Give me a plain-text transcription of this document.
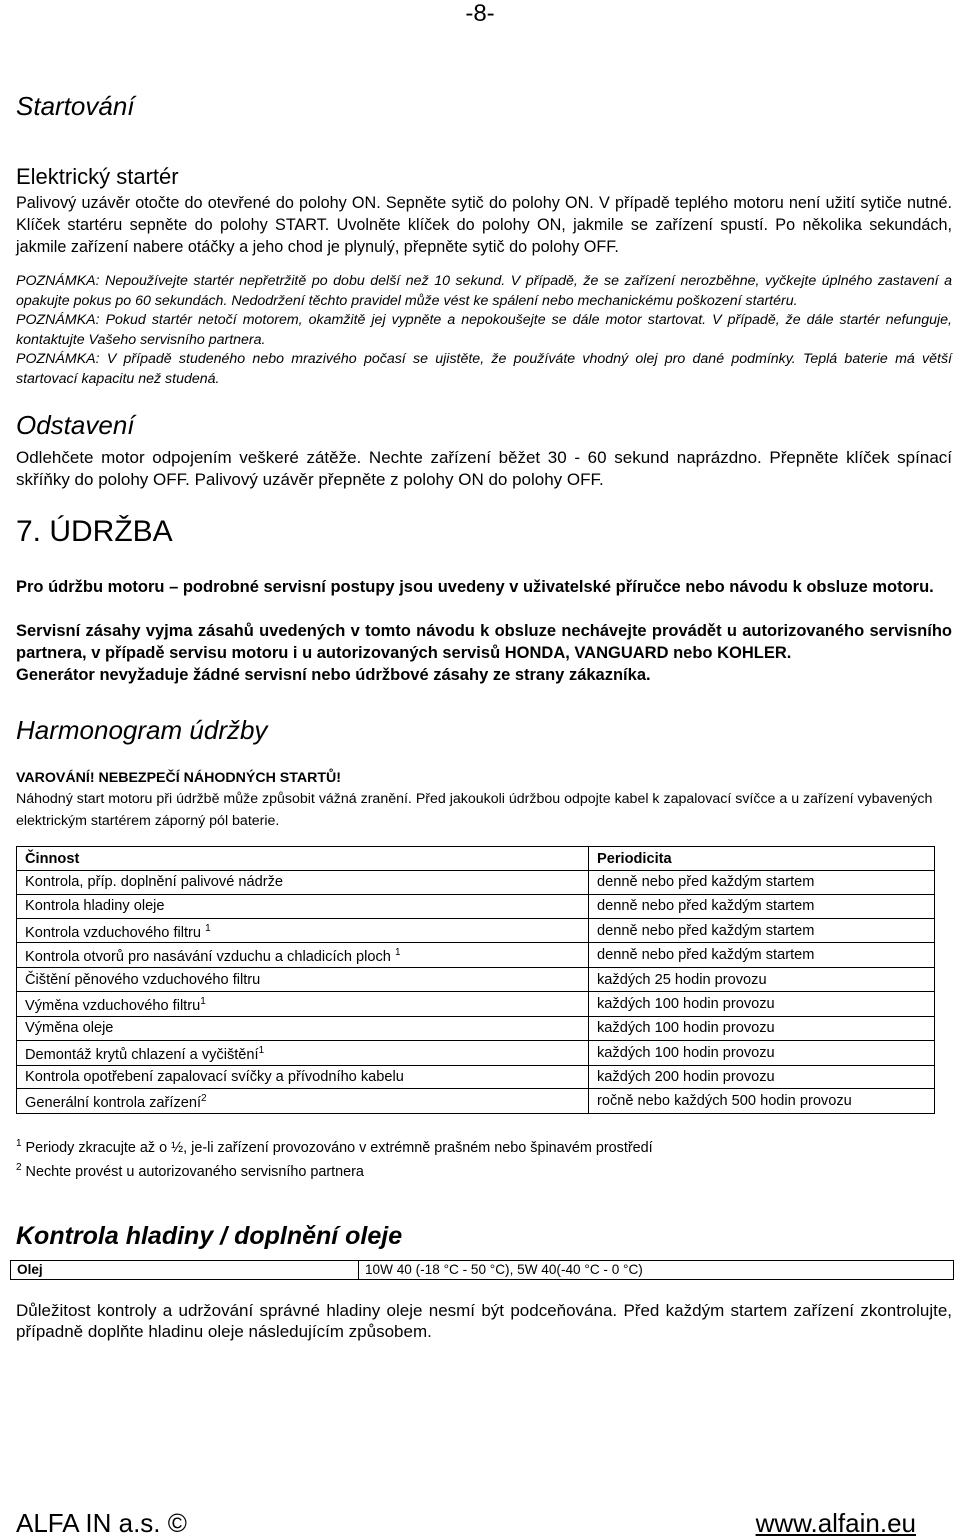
-8-
Startování
Elektrický startér

Palivový uzávěr otočte do otevřené do polohy ON. Sepněte sytič do polohy ON. V případě teplého motoru není užití sytiče nutné. Klíček startéru sepněte do polohy START. Uvolněte klíček do polohy ON, jakmile se zařízení spustí. Po několika sekundách, jakmile zařízení nabere otáčky a jeho chod je plynulý, přepněte sytič do polohy OFF.

POZNÁMKA: Nepoužívejte startér nepřetržitě po dobu delší než 10 sekund. V případě, že se zařízení nerozběhne, vyčkejte úplného zastavení a opakujte pokus po 60 sekundách. Nedodržení těchto pravidel může vést ke spálení nebo mechanickému poškození startéru.

POZNÁMKA: Pokud startér netočí motorem, okamžitě jej vypněte a nepokoušejte se dále motor startovat. V případě, že dále startér nefunguje, kontaktujte Vašeho servisního partnera.

POZNÁMKA: V případě studeného nebo mrazivého počasí se ujistěte, že používáte vhodný olej pro dané podmínky. Teplá baterie má větší startovací kapacitu než studená.

Odstavení

Odlehčete motor odpojením veškeré zátěže. Nechte zařízení běžet 30 - 60 sekund naprázdno. Přepněte klíček spínací skříňky do polohy OFF. Palivový uzávěr přepněte z polohy ON do polohy OFF.

7. ÚDRŽBA

Pro údržbu motoru – podrobné servisní postupy jsou uvedeny v uživatelské příručce nebo návodu k obsluze motoru.

Servisní zásahy vyjma zásahů uvedených v tomto návodu k obsluze nechávejte provádět u autorizovaného servisního partnera, v případě servisu motoru i u autorizovaných servisů HONDA, VANGUARD nebo KOHLER.

Generátor nevyžaduje žádné servisní nebo údržbové zásahy ze strany zákazníka.

Harmonogram údržby

VAROVÁNÍ! NEBEZPEČÍ NÁHODNÝCH STARTŮ!

Náhodný start motoru při údržbě může způsobit vážná zranění. Před jakoukoli údržbou odpojte kabel k zapalovací svíčce a u zařízení vybavených elektrickým startérem záporný pól baterie.

Činnost	Periodicita
Kontrola, příp. doplnění palivové nádrže	denně nebo před každým startem
Kontrola hladiny oleje	denně nebo před každým startem
Kontrola vzduchového filtru $^1$	denně nebo před každým startem
Kontrola otvorů pro nasávání vzduchu a chladicích ploch $^1$	denně nebo před každým startem
Čištění pěnového vzduchového filtru	každých 25 hodin provozu
Výměna vzduchového filtru$^1$	každých 100 hodin provozu
Výměna oleje	každých 100 hodin provozu
Demontáž krytů chlazení a vyčištění$^1$	každých 100 hodin provozu
Kontrola opotřebení zapalovací svíčky a přívodního kabelu	každých 200 hodin provozu
Generální kontrola zařízení$^2$	ročně nebo každých 500 hodin provozu

$^1$ Periody zkracujte až o ½, je-li zařízení provozováno v extrémně prašném nebo špinavém prostředí

$^2$ Nechte provést u autorizovaného servisního partnera

Kontrola hladiny / doplnění oleje
Olej	10W 40 (-18 °C - 50 °C), 5W 40(-40 °C - 0 °C)

Důležitost kontroly a udržování správné hladiny oleje nesmí být podceňována. Před každým startem zařízení zkontrolujte, případně doplňte hladinu oleje následujícím způsobem.

ALFA IN a.s. ©	www.alfain.eu
